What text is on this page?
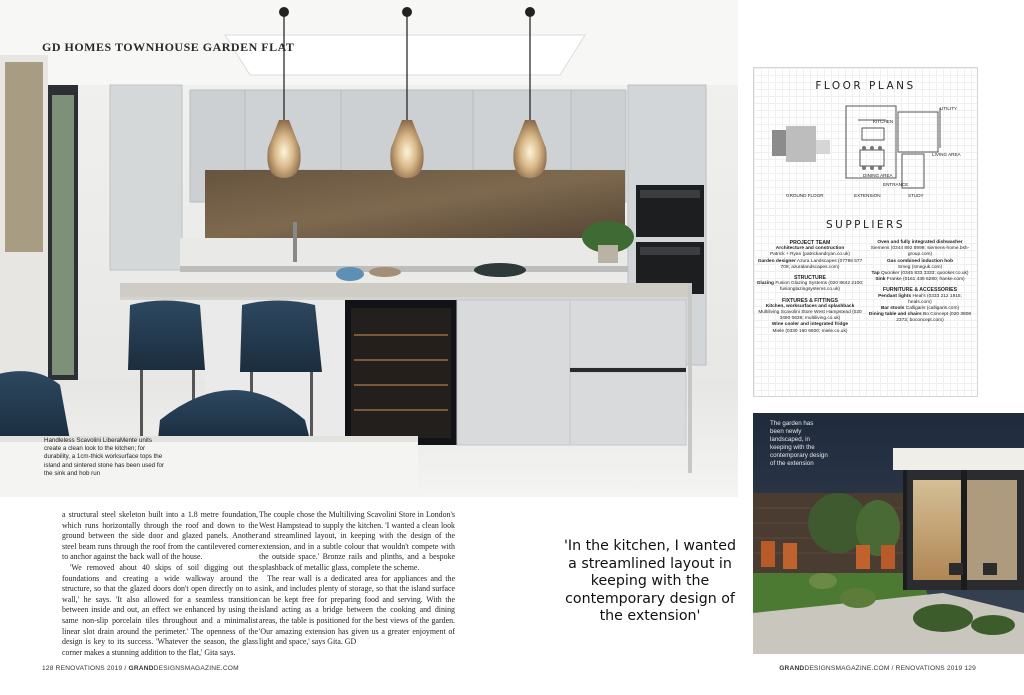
GD HOMES TOWNHOUSE GARDEN FLAT
Handleless Scavolini LiberaMente units create a clean look to the kitchen; for durability, a 1cm-thick worksurface tops the island and sintered stone has been used for the sink and hob run

a structural steel skeleton built into a 1.8 metre foundation, which runs horizontally through the roof and down to the ground between the side door and glazed panels. Another steel beam runs through the roof from the cantilevered corner to anchor against the back wall of the house.

'We removed about 40 skips of soil digging out the foundations and creating a wide walkway around the structure, so that the glazed doors don't open directly on to a wall,' he says. 'It also allowed for a seamless transition between inside and out, an effect we enhanced by using the same non-slip porcelain tiles throughout and a minimalist linear slot drain around the perimeter.' The openness of the design is key to its success. 'Whatever the season, the glass corner makes a stunning addition to the flat,' Gita says.

The couple chose the Multiliving Scavolini Store in London's West Hampstead to supply the kitchen. 'I wanted a clean look and streamlined layout, in keeping with the design of the extension, and in a subtle colour that wouldn't compete with the outside space.' Bronze rails and plinths, and a bespoke splashback of metallic glass, complete the scheme.

The rear wall is a dedicated area for appliances and the sink, and includes plenty of storage, so that the island surface can be kept free for preparing food and serving. With the island acting as a bridge between the cooking and dining areas, the table is positioned for the best views of the garden. 'Our amazing extension has given us a greater enjoyment of light and space,' says Gita. GD

'In the kitchen, I wanted a streamlined layout in keeping with the contemporary design of the extension'
128 RENOVATIONS 2019 / GRANDDESIGNSMAGAZINE.COM
FLOOR PLANS
GROUND FLOOR	EXTENSION
KITCHEN
DINING AREA
LIVING AREA
UTILITY
STUDY
ENTRANCE
SUPPLIERS
PROJECT TEAM
Architecture and construction
Patrick + Ryan (patrickandryan.co.uk)
Garden designer Azura Landscapes (07788 577 709; azuralandscapes.com)
STRUCTURE
Glazing Fusion Glazing Systems (020 8642 2100; fusionglazingsystems.co.uk)
FIXTURES & FITTINGS
Kitchen, worksurfaces and splashback
Multiliving Scavolini Store West Hampstead (020 3490 0639; multiliving.co.uk)
Wine cooler and integrated fridge
Miele (0330 160 6600; miele.co.uk)
Oven and fully integrated dishwasher
Siemens (0344 892 8999; siemens-home.bsh-group.com)
Gas combined induction hob
Smeg (smeguk.com)
Tap Quooker (0345 833 3333; quooker.co.uk)
Sink Franke (0161 436 6280; franke.com)
FURNITURE & ACCESSORIES
Pendant lights Heal's (0333 212 1915; heals.com)
Bar stools Calligaris (calligaris.com)
Dining table and chairs Bo Concept (020 3808 2373; boconcept.com)
The garden has been newly landscaped, in keeping with the contemporary design of the extension
GRANDDESIGNSMAGAZINE.COM / RENOVATIONS 2019 129
